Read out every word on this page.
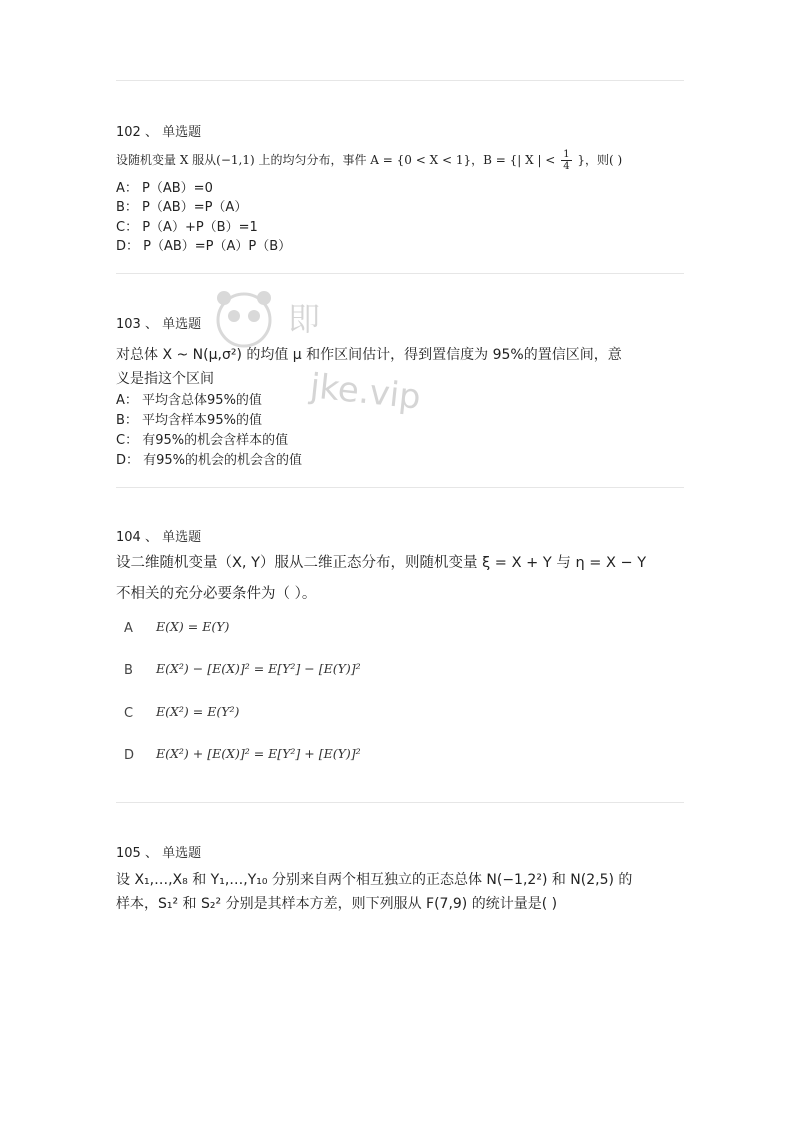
即
jke.vip
102 、 单选题
设随机变量 X 服从(−1,1) 上的均匀分布，事件 A = {0 < X < 1}，B = {| X | < $\frac{1}{4}$ }，则( )
A： P（AB）=0
B： P（AB）=P（A）
C： P（A）+P（B）=1
D： P（AB）=P（A）P（B）
103 、 单选题
对总体 X ~ N(μ,σ²) 的均值 μ 和作区间估计，得到置信度为 95%的置信区间，意
义是指这个区间
A： 平均含总体95%的值
B： 平均含样本95%的值
C： 有95%的机会含样本的值
D： 有95%的机会的机会含的值
104 、 单选题
设二维随机变量（X, Y）服从二维正态分布，则随机变量 ξ = X + Y 与 η = X − Y
不相关的充分必要条件为（ ）。
A E(X) = E(Y)
B E(X²) − [E(X)]² = E[Y²] − [E(Y)]²
C E(X²) = E(Y²)
D E(X²) + [E(X)]² = E[Y²] + [E(Y)]²
105 、 单选题
设 X₁,…,X₈ 和 Y₁,…,Y₁₀ 分别来自两个相互独立的正态总体 N(−1,2²) 和 N(2,5) 的
样本，S₁² 和 S₂² 分别是其样本方差，则下列服从 F(7,9) 的统计量是( )
